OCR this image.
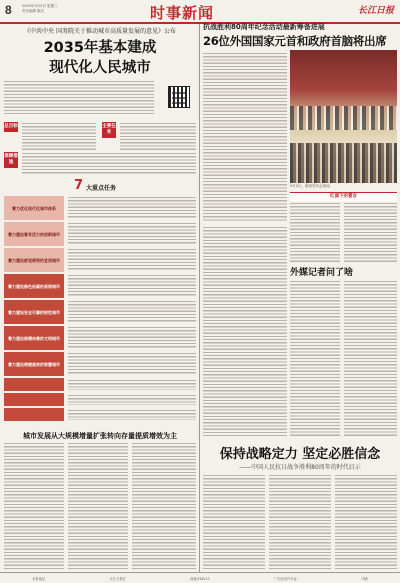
8	2025年9月3日 星期三
责任编辑 版式	时事新闻	长江日报
《中共中央 国务院关于推动城市高质量发展的意见》公布
2035年基本建成
现代化人民城市
总目标	主要任务
保障措施
7 大重点任务
着力优化现代化城市体系
着力建设富有活力的创新城市
着力建设舒适便利的宜居城市
着力建设绿色低碳的美丽城市
着力建设安全可靠的韧性城市
着力建设崇德向善的文明城市
着力建设便捷高效的智慧城市
城市发展从大规模增量扩张转向存量提质增效为主
抗战胜利80周年纪念活动最新筹备进展
26位外国国家元首和政府首脑将出席
9月2日，新闻发布会现场。
红旗下的誓言
外媒记者问了啥
保持战略定力 坚定必胜信念
——中国人民抗日战争胜利80周年的时代启示
本报地址	长江日报社	邮编430015	广告经营许可证	印刷
